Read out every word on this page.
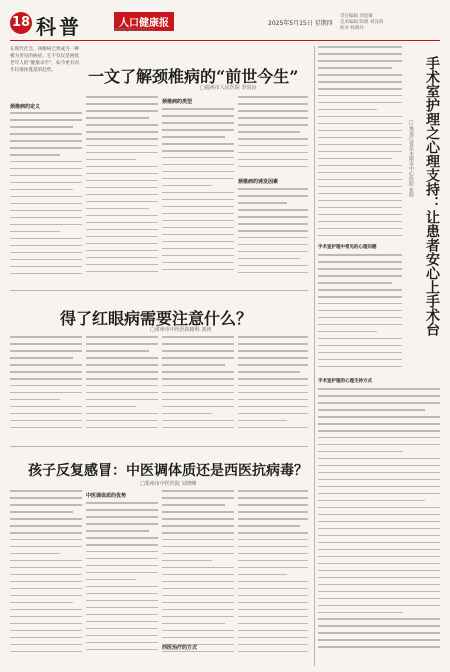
18 科普	人口健康报
www.jkb.com.cn
2025年5月15日 星期四
责任编辑 刘思敏
美术编辑 陈晓 刘泽鸿
校对 杨晓丹
一文了解颈椎病的“前世今生”
□福州市人民医院 李国良
在现代社会，颈椎病已然成为一种极为常见的病症。它不仅仅是困扰老年人的“健康杀手”，如今更有向年轻群体蔓延的趋势。
颈椎病的定义
颈椎病的类型
颈椎病的诱发因素
得了红眼病需要注意什么？
□常州市中医医院眼科 刘涛
孩子反复感冒：中医调体质还是西医抗病毒？
□郑州市中医医院 吴晓峰
中医调体质的优势
西医治疗的方式
手术室护理之心理支持：让患者安心上手术台
□黑龙江省佳木斯市中心医院 张婷
手术室护理中常见的心理问题
手术室护理的心理支持方式
